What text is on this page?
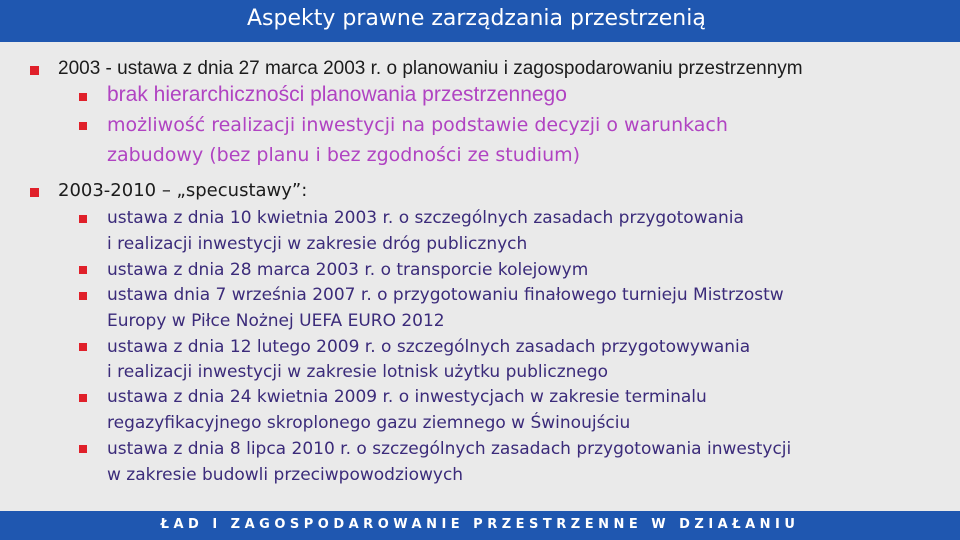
Aspekty prawne zarządzania przestrzenią
2003 - ustawa z dnia 27 marca 2003 r. o planowaniu i zagospodarowaniu przestrzennym
brak hierarchiczności planowania przestrzennego
możliwość realizacji inwestycji na podstawie decyzji o warunkach
zabudowy (bez planu i bez zgodności ze studium)
2003-2010 – „specustawy”:
ustawa z dnia 10 kwietnia 2003 r. o szczególnych zasadach przygotowania
i realizacji inwestycji w zakresie dróg publicznych
ustawa z dnia 28 marca 2003 r. o transporcie kolejowym
ustawa dnia 7 września 2007 r. o przygotowaniu finałowego turnieju Mistrzostw
Europy w Piłce Nożnej UEFA EURO 2012
ustawa z dnia 12 lutego 2009 r. o szczególnych zasadach przygotowywania
i realizacji inwestycji w zakresie lotnisk użytku publicznego
ustawa z dnia 24 kwietnia 2009 r. o inwestycjach w zakresie terminalu
regazyfikacyjnego skroplonego gazu ziemnego w Świnoujściu
ustawa z dnia 8 lipca 2010 r. o szczególnych zasadach przygotowania inwestycji
w zakresie budowli przeciwpowodziowych
ŁAD I ZAGOSPODAROWANIE PRZESTRZENNE W DZIAŁANIU
